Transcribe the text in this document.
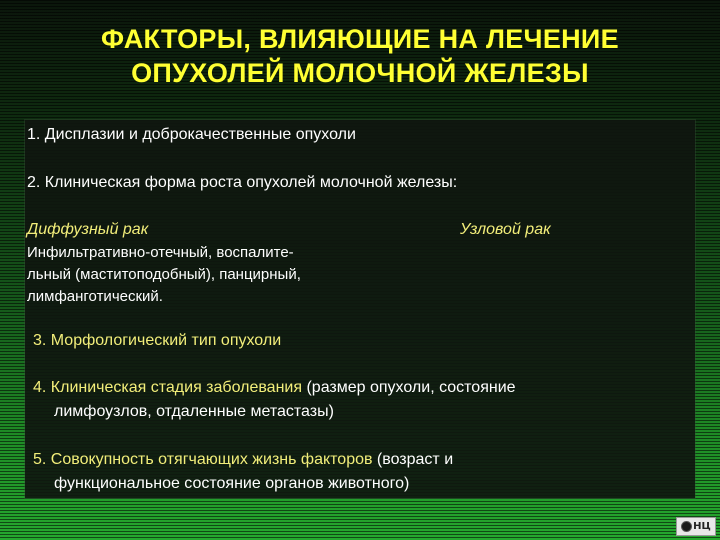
ФАКТОРЫ, ВЛИЯЮЩИЕ НА ЛЕЧЕНИЕ
ОПУХОЛЕЙ МОЛОЧНОЙ ЖЕЛЕЗЫ
1. Дисплазии и доброкачественные опухоли
2. Клиническая форма роста опухолей молочной железы:
Диффузный рак	Узловой рак
Инфильтративно-отечный, воспалите-
льный (маститоподобный), панцирный,
лимфанготический.
3. Морфологический тип опухоли
4. Клиническая стадия заболевания (размер опухоли, состояние
лимфоузлов, отдаленные метастазы)
5. Совокупность отягчающих жизнь факторов (возраст и
функциональное состояние органов животного)
НЦ
